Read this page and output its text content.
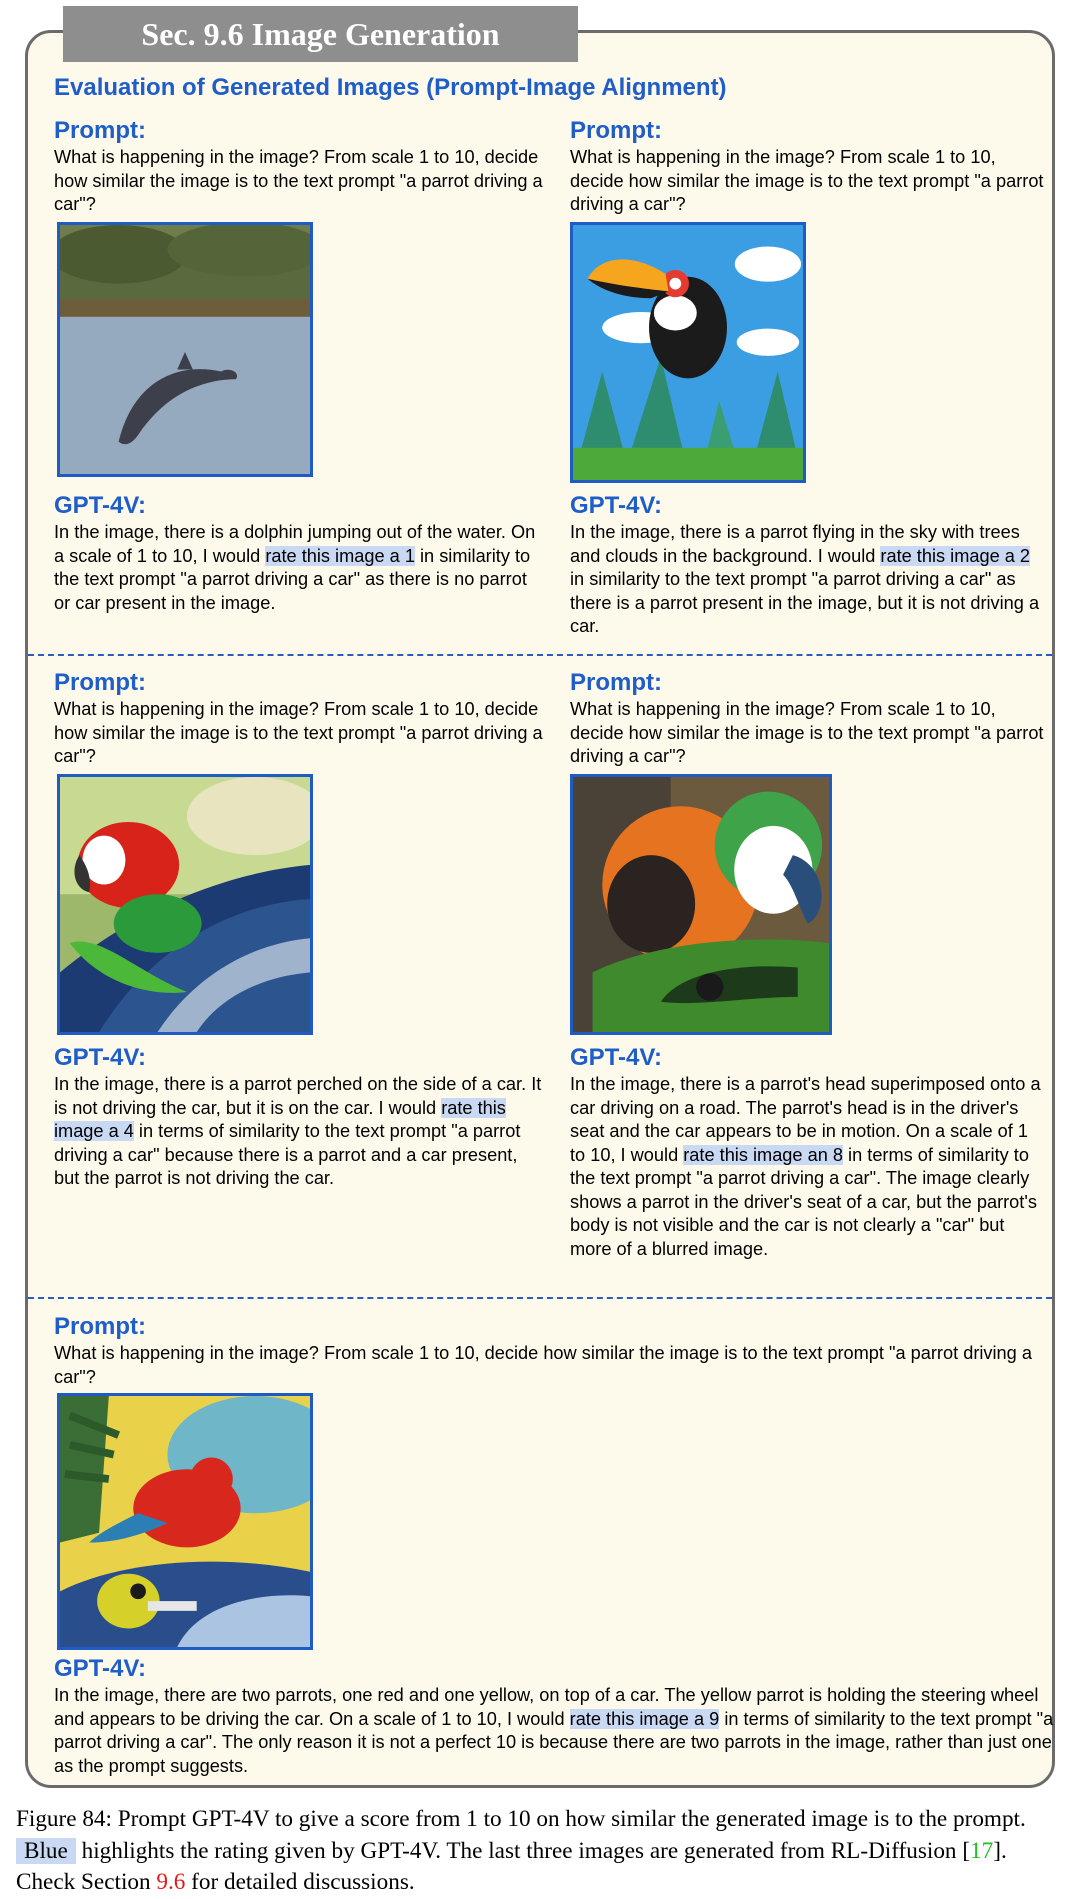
Sec. 9.6 Image Generation
Evaluation of Generated Images (Prompt-Image Alignment)
Prompt:
What is happening in the image? From scale 1 to 10, decide how similar the image is to the text prompt "a parrot driving a car"?
GPT-4V:
In the image, there is a dolphin jumping out of the water. On a scale of 1 to 10, I would rate this image a 1 in similarity to the text prompt "a parrot driving a car" as there is no parrot or car present in the image.
Prompt:
What is happening in the image? From scale 1 to 10, decide how similar the image is to the text prompt "a parrot driving a car"?
GPT-4V:
In the image, there is a parrot flying in the sky with trees and clouds in the background. I would rate this image a 2 in similarity to the text prompt "a parrot driving a car" as there is a parrot present in the image, but it is not driving a car.
Prompt:
What is happening in the image? From scale 1 to 10, decide how similar the image is to the text prompt "a parrot driving a car"?
GPT-4V:
In the image, there is a parrot perched on the side of a car. It is not driving the car, but it is on the car. I would rate this image a 4 in terms of similarity to the text prompt "a parrot driving a car" because there is a parrot and a car present, but the parrot is not driving the car.
Prompt:
What is happening in the image? From scale 1 to 10, decide how similar the image is to the text prompt "a parrot driving a car"?
GPT-4V:
In the image, there is a parrot's head superimposed onto a car driving on a road. The parrot's head is in the driver's seat and the car appears to be in motion. On a scale of 1 to 10, I would rate this image an 8 in terms of similarity to the text prompt "a parrot driving a car". The image clearly shows a parrot in the driver's seat of a car, but the parrot's body is not visible and the car is not clearly a "car" but more of a blurred image.
Prompt:
What is happening in the image? From scale 1 to 10, decide how similar the image is to the text prompt "a parrot driving a car"?
GPT-4V:
In the image, there are two parrots, one red and one yellow, on top of a car. The yellow parrot is holding the steering wheel and appears to be driving the car. On a scale of 1 to 10, I would rate this image a 9 in terms of similarity to the text prompt "a parrot driving a car". The only reason it is not a perfect 10 is because there are two parrots in the image, rather than just one as the prompt suggests.
Figure 84: Prompt GPT-4V to give a score from 1 to 10 on how similar the generated image is to the prompt. Blue highlights the rating given by GPT-4V. The last three images are generated from RL-Diffusion [17]. Check Section 9.6 for detailed discussions.
